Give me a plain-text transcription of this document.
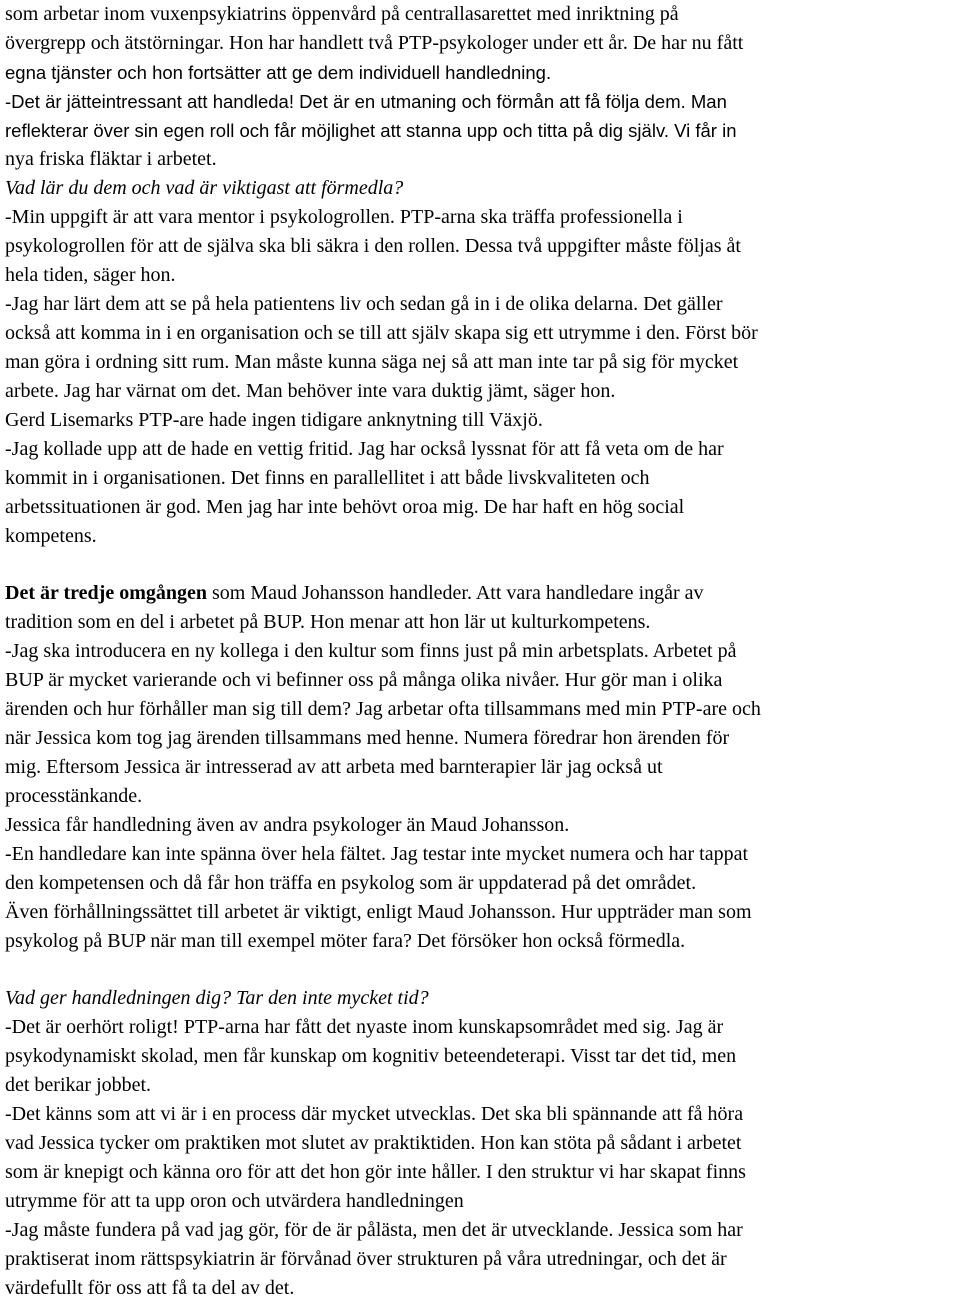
som arbetar inom vuxenpsykiatrins öppenvård på centrallasarettet med inriktning på
övergrepp och ätstörningar. Hon har handlett två PTP-psykologer under ett år. De har nu fått
egna tjänster och hon fortsätter att ge dem individuell handledning.
-Det är jätteintressant att handleda! Det är en utmaning och förmån att få följa dem. Man
reflekterar över sin egen roll och får möjlighet att stanna upp och titta på dig själv. Vi får in
nya friska fläktar i arbetet.
Vad lär du dem och vad är viktigast att förmedla?
-Min uppgift är att vara mentor i psykologrollen. PTP-arna ska träffa professionella i
psykologrollen för att de själva ska bli säkra i den rollen. Dessa två uppgifter måste följas åt
hela tiden, säger hon.
-Jag har lärt dem att se på hela patientens liv och sedan gå in i de olika delarna. Det gäller
också att komma in i en organisation och se till att själv skapa sig ett utrymme i den. Först bör
man göra i ordning sitt rum. Man måste kunna säga nej så att man inte tar på sig för mycket
arbete. Jag har värnat om det. Man behöver inte vara duktig jämt, säger hon.
Gerd Lisemarks PTP-are hade ingen tidigare anknytning till Växjö.
-Jag kollade upp att de hade en vettig fritid. Jag har också lyssnat för att få veta om de har
kommit in i organisationen. Det finns en parallellitet i att både livskvaliteten och
arbetssituationen är god. Men jag har inte behövt oroa mig. De har haft en hög social
kompetens.
Det är tredje omgången som Maud Johansson handleder. Att vara handledare ingår av
tradition som en del i arbetet på BUP. Hon menar att hon lär ut kulturkompetens.
-Jag ska introducera en ny kollega i den kultur som finns just på min arbetsplats. Arbetet på
BUP är mycket varierande och vi befinner oss på många olika nivåer. Hur gör man i olika
ärenden och hur förhåller man sig till dem? Jag arbetar ofta tillsammans med min PTP-are och
när Jessica kom tog jag ärenden tillsammans med henne. Numera föredrar hon ärenden för
mig. Eftersom Jessica är intresserad av att arbeta med barnterapier lär jag också ut
processtänkande.
Jessica får handledning även av andra psykologer än Maud Johansson.
-En handledare kan inte spänna över hela fältet. Jag testar inte mycket numera och har tappat
den kompetensen och då får hon träffa en psykolog som är uppdaterad på det området.
Även förhållningssättet till arbetet är viktigt, enligt Maud Johansson. Hur uppträder man som
psykolog på BUP när man till exempel möter fara? Det försöker hon också förmedla.
Vad ger handledningen dig? Tar den inte mycket tid?
-Det är oerhört roligt! PTP-arna har fått det nyaste inom kunskapsområdet med sig. Jag är
psykodynamiskt skolad, men får kunskap om kognitiv beteendeterapi. Visst tar det tid, men
det berikar jobbet.
-Det känns som att vi är i en process där mycket utvecklas. Det ska bli spännande att få höra
vad Jessica tycker om praktiken mot slutet av praktiktiden. Hon kan stöta på sådant i arbetet
som är knepigt och känna oro för att det hon gör inte håller. I den struktur vi har skapat finns
utrymme för att ta upp oron och utvärdera handledningen
-Jag måste fundera på vad jag gör, för de är pålästa, men det är utvecklande. Jessica som har
praktiserat inom rättspsykiatrin är förvånad över strukturen på våra utredningar, och det är
värdefullt för oss att få ta del av det.
